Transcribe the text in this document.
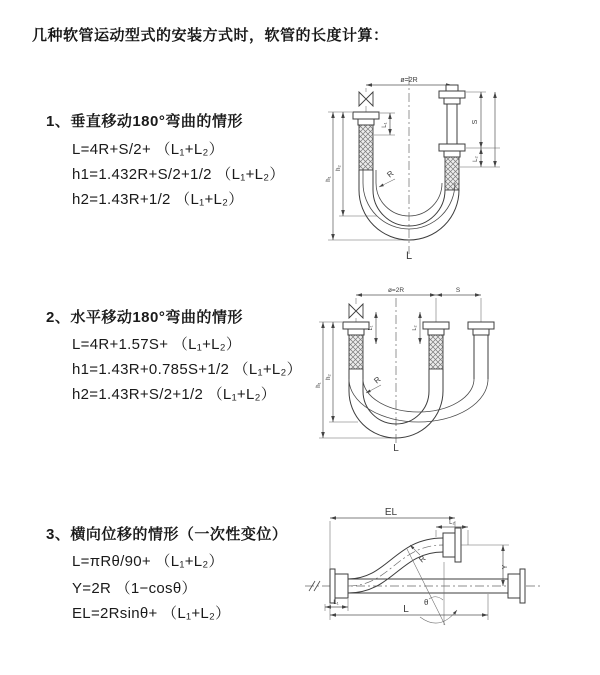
几种软管运动型式的安装方式时，软管的长度计算：
1、垂直移动180°弯曲的情形
L=4R+S/2+ （L₁+L₂）
h1=1.432R+S/2+1/2 （L₁+L₂）
h2=1.43R+1/2 （L₁+L₂）
2、水平移动180°弯曲的情形
L=4R+1.57S+ （L₁+L₂）
h1=1.43R+0.785S+1/2 （L₁+L₂）
h2=1.43R+S/2+1/2 （L₁+L₂）
3、横向位移的情形（一次性变位）
L=πRθ/90+ （L₁+L₂）
Y=2R （1−cosθ）
EL=2Rsinθ+ （L₁+L₂）
ø=2R
L₁
S
L₂
h₁
h₂
R
L
ø=2R	S
L₁	L₂
h₁
h₂	R
L
EL
L₂
Y
θ
R
L₁
L
